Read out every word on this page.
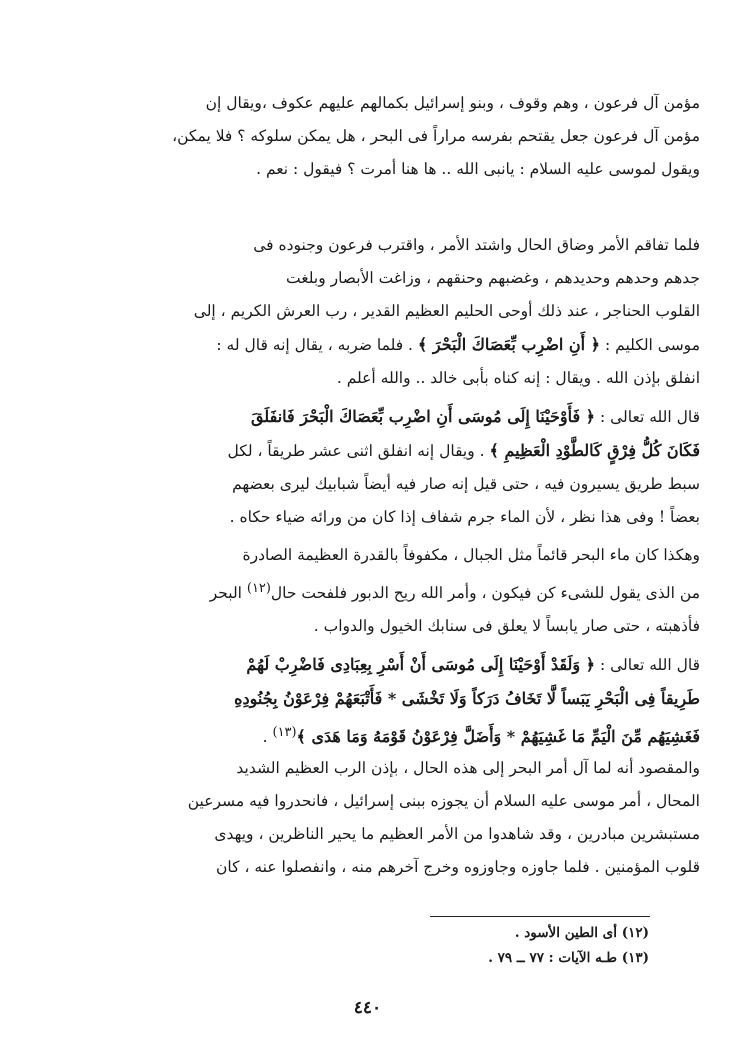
مؤمن آل فرعون ، وهم وقوف ، وبنو إسرائيل بكمالهم عليهم عكوف ،ويقال إن
مؤمن آل فرعون جعل يقتحم بفرسه مراراً فى البحر ، هل يمكن سلوكه ؟ فلا يمكن،
ويقول لموسى عليه السلام : يانبى الله .. ها هنا أمرت ؟ فيقول : نعم .
فلما تفاقم الأمر وضاق الحال واشتد الأمر ، واقترب فرعون وجنوده فى
جدهم وحدهم وحديدهم ، وغضبهم وحنقهم ، وزاغت الأبصار وبلغت
القلوب الحناجر ، عند ذلك أوحى الحليم العظيم القدير ، رب العرش الكريم ، إلى
موسى الكليم : ﴿ أَنِ اضْرِب بِّعَصَاكَ الْبَحْرَ ﴾ . فلما ضربه ، يقال إنه قال له :
انفلق بإذن الله . ويقال : إنه كناه بأبى خالد .. والله أعلم .
قال الله تعالى : ﴿ فَأَوْحَيْنَا إِلَى مُوسَى أَنِ اضْرِب بِّعَصَاكَ الْبَحْرَ فَانفَلَقَ
فَكَانَ كُلُّ فِرْقٍ كَالطَّوْدِ الْعَظِيمِ ﴾ . ويقال إنه انفلق اثنى عشر طريقاً ، لكل
سبط طريق يسيرون فيه ، حتى قيل إنه صار فيه أيضاً شبابيك ليرى بعضهم
بعضاً ! وفى هذا نظر ، لأن الماء جرم شفاف إذا كان من ورائه ضياء حكاه .
وهكذا كان ماء البحر قائماً مثل الجبال ، مكفوفاً بالقدرة العظيمة الصادرة
من الذى يقول للشىء كن فيكون ، وأمر الله ريح الدبور فلفحت حال$^{(١٢)}$ البحر
فأذهبته ، حتى صار يابساً لا يعلق فى سنابك الخيول والدواب .
قال الله تعالى : ﴿ وَلَقَدْ أَوْحَيْنَا إِلَى مُوسَى أَنْ أَسْرِ بِعِبَادِى فَاضْرِبْ لَهُمْ
طَرِيقاً فِى الْبَحْرِ يَبَساً لَّا تَخَافُ دَرَكاً وَلَا تَخْشَى * فَأَتْبَعَهُمْ فِرْعَوْنُ بِجُنُودِهِ
فَغَشِيَهُم مِّنَ الْيَمِّ مَا غَشِيَهُمْ * وَأَضَلَّ فِرْعَوْنُ قَوْمَهُ وَمَا هَدَى ﴾$^{(١٣)}$ .
والمقصود أنه لما آل أمر البحر إلى هذه الحال ، بإذن الرب العظيم الشديد
المحال ، أمر موسى عليه السلام أن يجوزه ببنى إسرائيل ، فانحدروا فيه مسرعين
مستبشرين مبادرين ، وقد شاهدوا من الأمر العظيم ما يحير الناظرين ، ويهدى
قلوب المؤمنين . فلما جاوزه وجاوزوه وخرج آخرهم منه ، وانفصلوا عنه ، كان
(١٢) أى الطين الأسود .
(١٣) طـه الآيات : ٧٧ ــ ٧٩ .
٤٤٠
